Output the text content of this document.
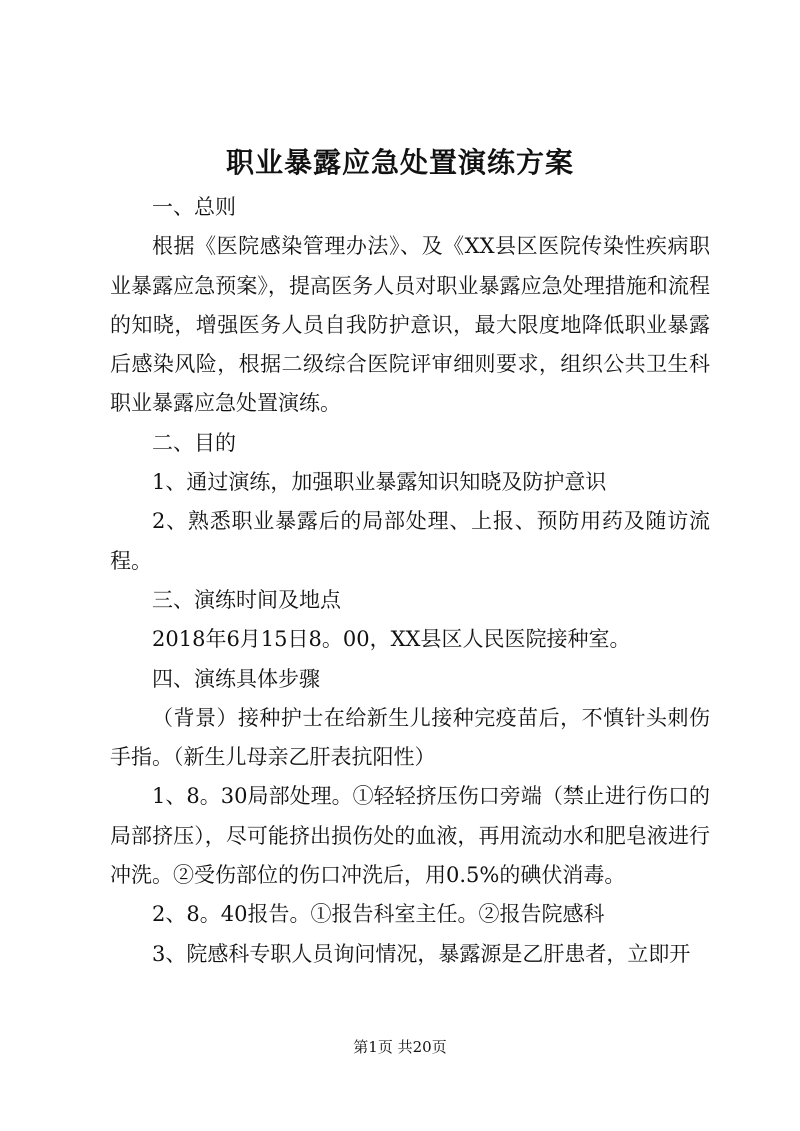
职业暴露应急处置演练方案

一、总则

根据《医院感染管理办法》、及《XX县区医院传染性疾病职业暴露应急预案》，提高医务人员对职业暴露应急处理措施和流程的知晓，增强医务人员自我防护意识，最大限度地降低职业暴露后感染风险，根据二级综合医院评审细则要求，组织公共卫生科职业暴露应急处置演练。

二、目的

1、通过演练，加强职业暴露知识知晓及防护意识

2、熟悉职业暴露后的局部处理、上报、预防用药及随访流程。

三、演练时间及地点

2018年6月15日8。00，XX县区人民医院接种室。

四、演练具体步骤

（背景）接种护士在给新生儿接种完疫苗后，不慎针头刺伤手指。（新生儿母亲乙肝表抗阳性）

1、8。30局部处理。①轻轻挤压伤口旁端（禁止进行伤口的局部挤压），尽可能挤出损伤处的血液，再用流动水和肥皂液进行冲洗。②受伤部位的伤口冲洗后，用0.5%的碘伏消毒。

2、8。40报告。①报告科室主任。②报告院感科

3、院感科专职人员询问情况，暴露源是乙肝患者，立即开

第1页 共20页
